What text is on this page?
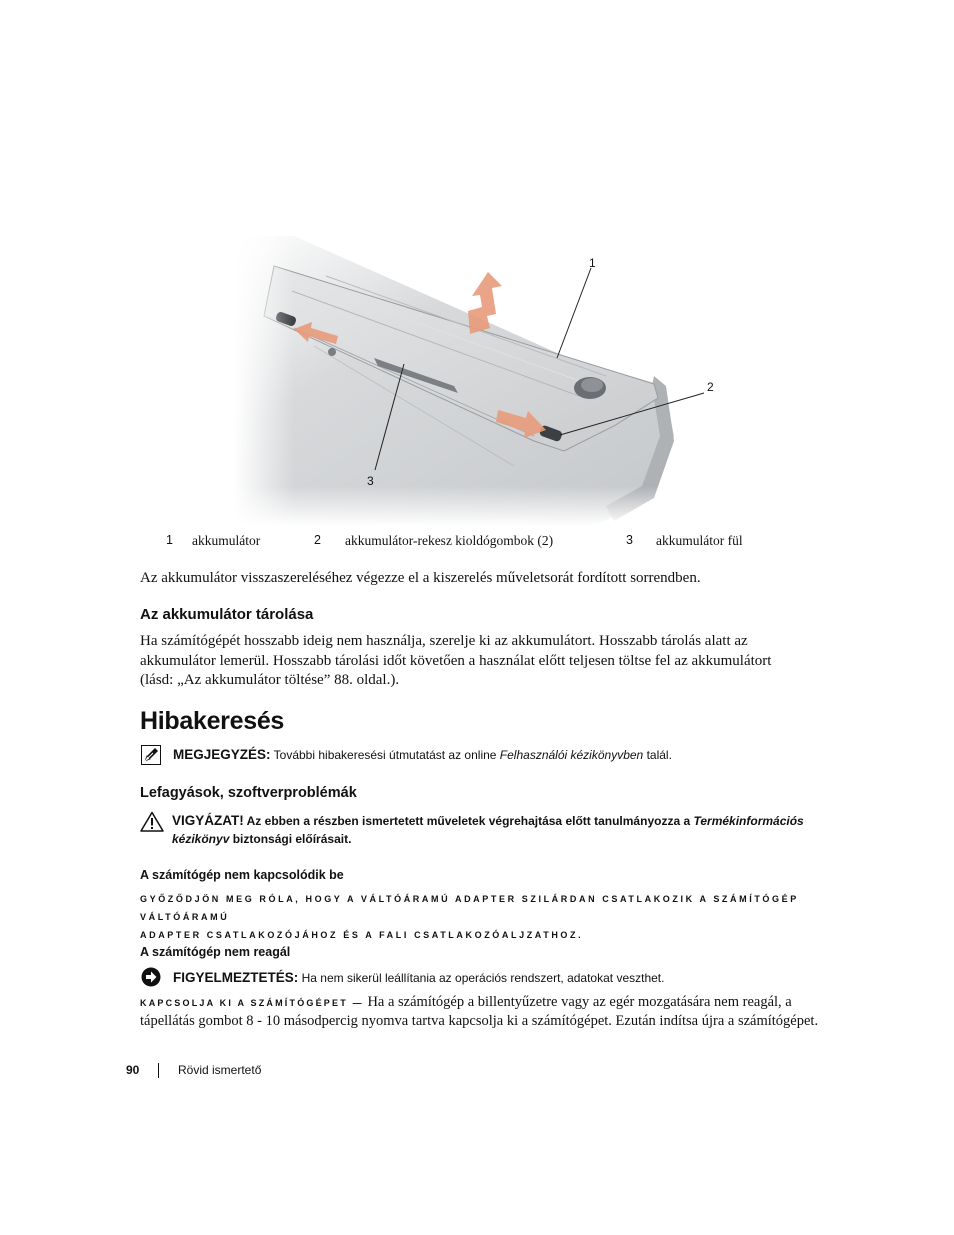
1
2
3
1 akkumulátor	2 akkumulátor-rekesz kioldógombok (2)	3 akkumulátor fül
Az akkumulátor visszaszereléséhez végezze el a kiszerelés műveletsorát fordított sorrendben.
Az akkumulátor tárolása
Ha számítógépét hosszabb ideig nem használja, szerelje ki az akkumulátort. Hosszabb tárolás alatt az
akkumulátor lemerül. Hosszabb tárolási időt követően a használat előtt teljesen töltse fel az akkumulátort
(lásd: „Az akkumulátor töltése” 88. oldal.).
Hibakeresés
MEGJEGYZÉS: További hibakeresési útmutatást az online Felhasználói kézikönyvben talál.
Lefagyások, szoftverproblémák
VIGYÁZAT! Az ebben a részben ismertetett műveletek végrehajtása előtt tanulmányozza a Termékinformációs
kézikönyv biztonsági előírásait.
A számítógép nem kapcsolódik be
GYŐZŐDJÖN MEG RÓLA, HOGY A VÁLTÓÁRAMÚ ADAPTER SZILÁRDAN CSATLAKOZIK A SZÁMÍTÓGÉP VÁLTÓÁRAMÚ
ADAPTER CSATLAKOZÓJÁHOZ ÉS A FALI CSATLAKOZÓALJZATHOZ.
A számítógép nem reagál
FIGYELMEZTETÉS: Ha nem sikerül leállítania az operációs rendszert, adatokat veszthet.
KAPCSOLJA KI A SZÁMÍTÓGÉPET — Ha a számítógép a billentyűzetre vagy az egér mozgatására nem reagál, a
tápellátás gombot 8 - 10 másodpercig nyomva tartva kapcsolja ki a számítógépet. Ezután indítsa újra a számítógépet.
90	Rövid ismertető
